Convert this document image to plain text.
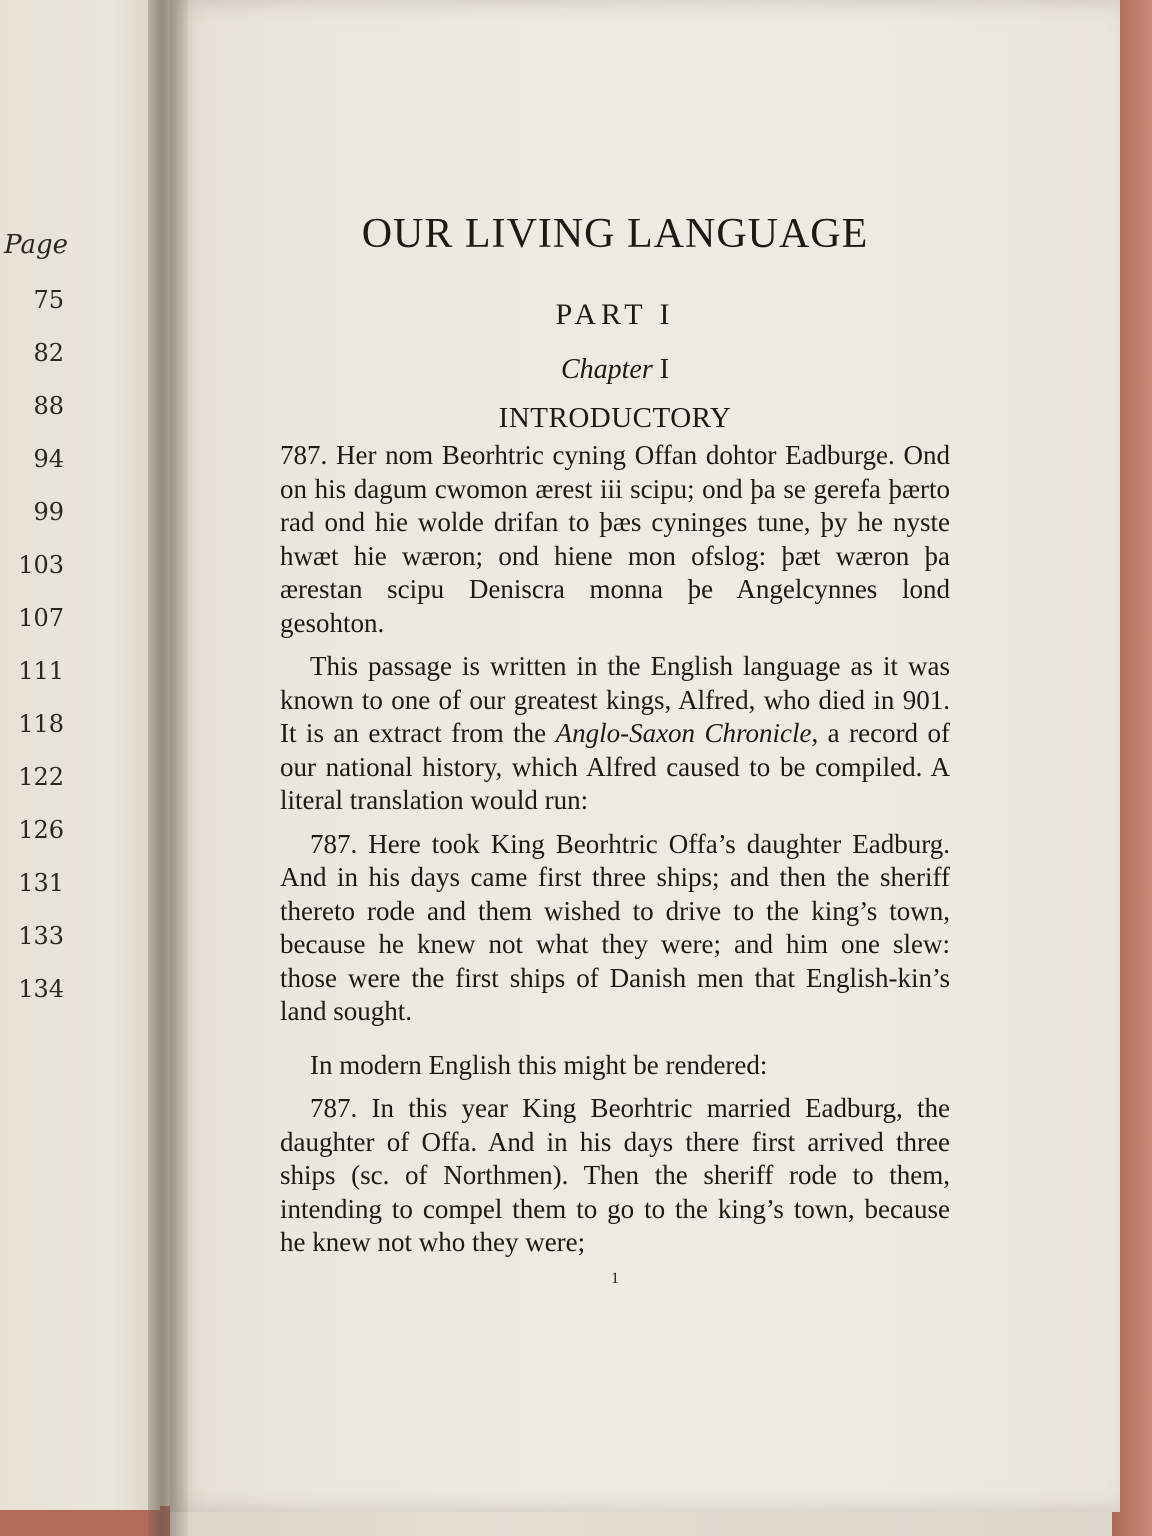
Page
75
82
88
94
99
103
107
111
118
122
126
131
133
134
OUR LIVING LANGUAGE
PART I
Chapter I
INTRODUCTORY

787. Her nom Beorhtric cyning Offan dohtor Eadburge. Ond on his dagum cwomon ærest iii scipu; ond þa se gerefa þærto rad ond hie wolde drifan to þæs cyninges tune, þy he nyste hwæt hie wæron; ond hiene mon ofslog: þæt wæron þa ærestan scipu Deniscra monna þe Angelcynnes lond gesohton.

This passage is written in the English language as it was known to one of our greatest kings, Alfred, who died in 901. It is an extract from the Anglo-Saxon Chronicle, a record of our national history, which Alfred caused to be compiled. A literal translation would run:

787. Here took King Beorhtric Offa’s daughter Eadburg. And in his days came first three ships; and then the sheriff thereto rode and them wished to drive to the king’s town, because he knew not what they were; and him one slew: those were the first ships of Danish men that English-kin’s land sought.

In modern English this might be rendered:

787. In this year King Beorhtric married Eadburg, the daughter of Offa. And in his days there first arrived three ships (sc. of Northmen). Then the sheriff rode to them, intending to compel them to go to the king’s town, because he knew not who they were;

1
